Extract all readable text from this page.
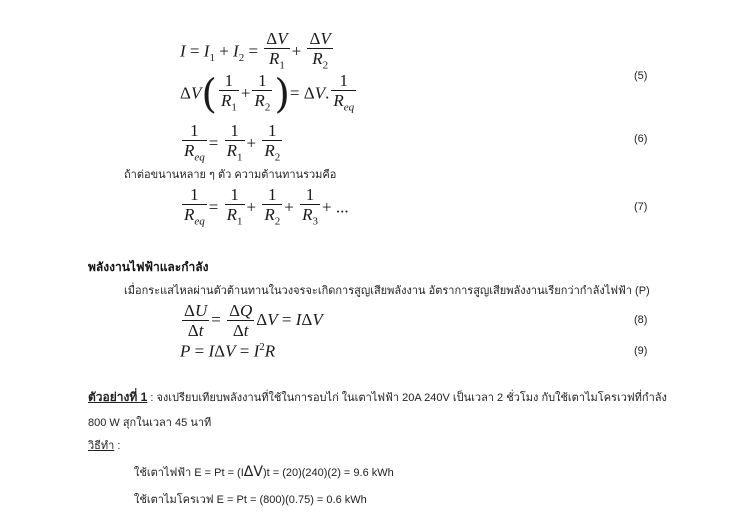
$I = I_1 + I_2 = \frac{\Delta V}{R_1} + \frac{\Delta V}{R_2}$
$\Delta V( \frac{1}{R_1} + \frac{1}{R_2}$ )= ΔV. $\frac{1}{R_{eq}}$	(5)
$\frac{1}{R_{eq}} = \frac{1}{R_1} + \frac{1}{R_2}$	(6)
ถ้าต่อขนานหลาย ๆ ตัว ความต้านทานรวมคือ
$\frac{1}{R_{eq}} = \frac{1}{R_1} + \frac{1}{R_2} + \frac{1}{R_3}$ + ...	(7)
พลังงานไฟฟ้าและกำลัง
เมื่อกระแสไหลผ่านตัวต้านทานในวงจรจะเกิดการสูญเสียพลังงาน อัตราการสูญเสียพลังงานเรียกว่ากำลังไฟฟ้า (P)
$\frac{\Delta U}{\Delta t} = \frac{\Delta Q}{\Delta t}$ ΔV = IΔV	(8)
$P = I\Delta V = I^2R$	(9)
ตัวอย่างที่ 1 : จงเปรียบเทียบพลังงานที่ใช้ในการอบไก่ ในเตาไฟฟ้า 20A 240V เป็นเวลา 2 ชั่วโมง กับใช้เตาไมโครเวฟที่กำลัง
800 W สุกในเวลา 45 นาที
วิธีทำ :
ใช้เตาไฟฟ้า E = Pt = (IΔV)t = (20)(240)(2) = 9.6 kWh
ใช้เตาไมโครเวฟ E = Pt = (800)(0.75) = 0.6 kWh
